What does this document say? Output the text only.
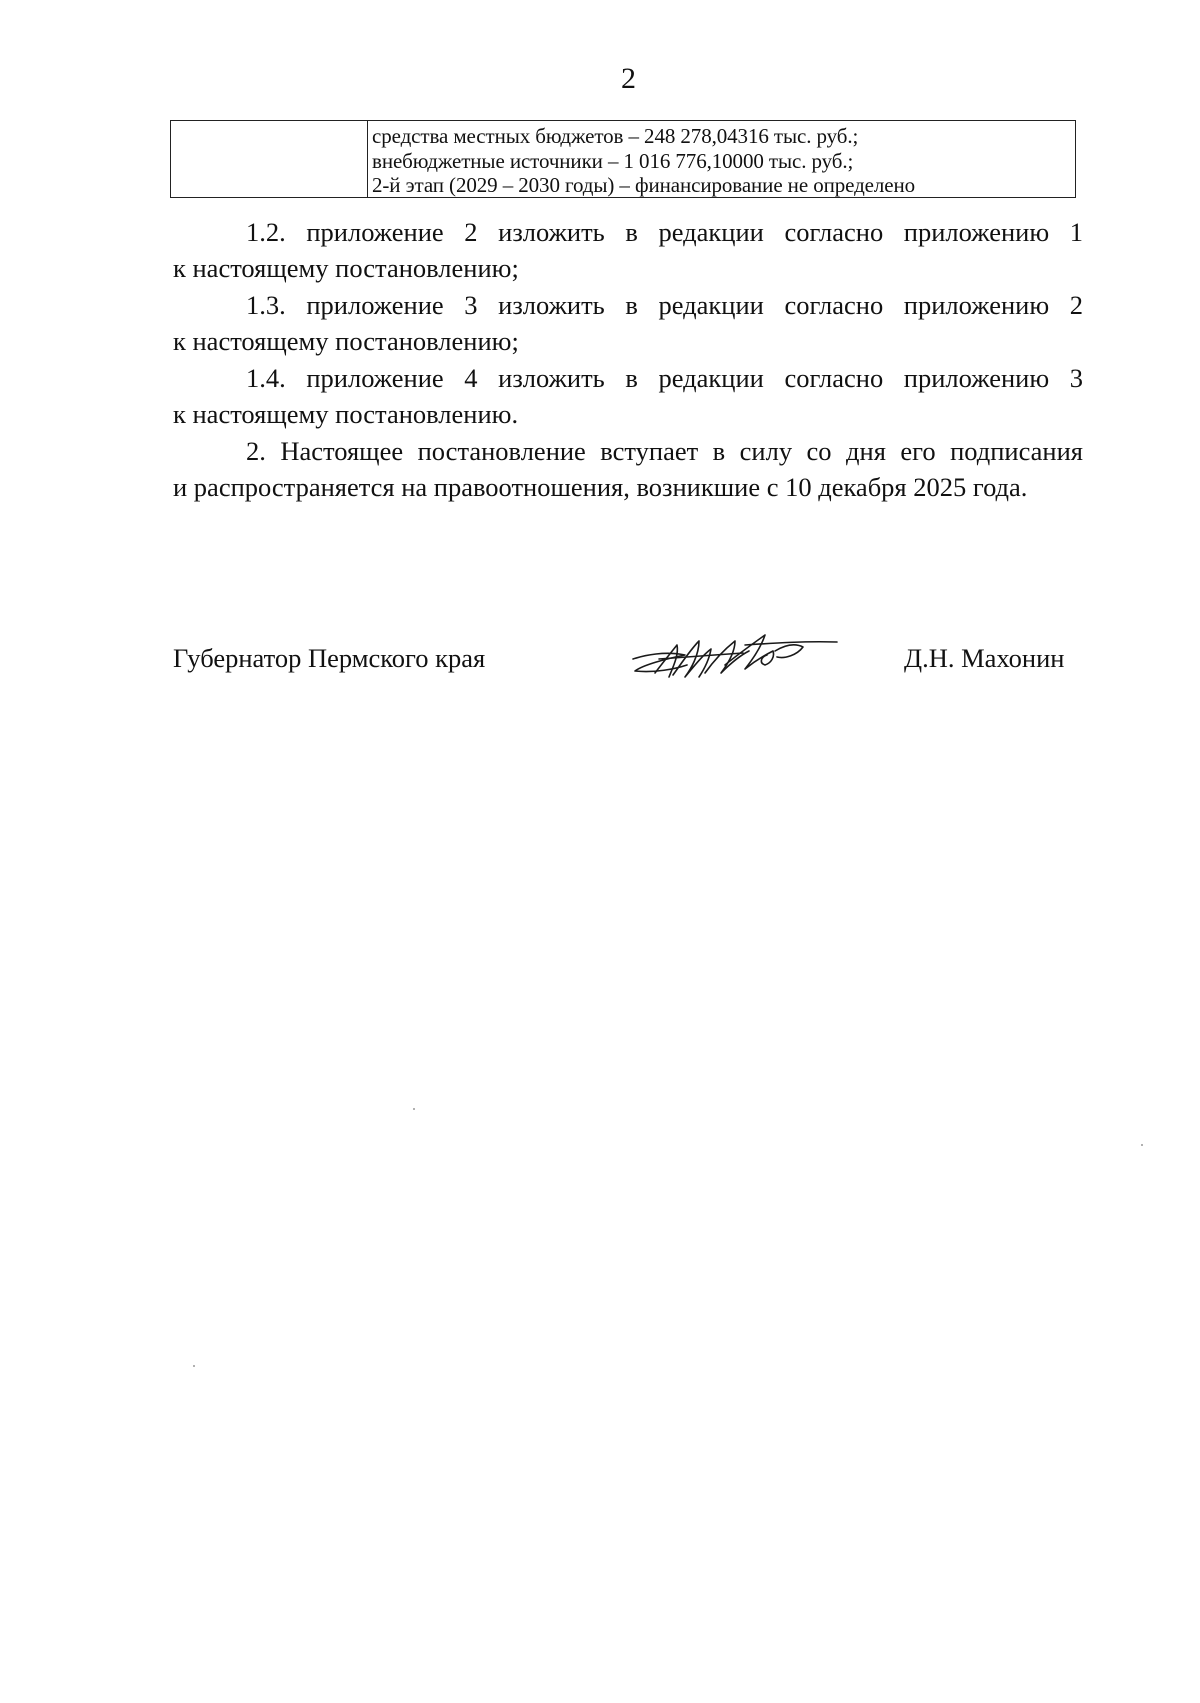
2
средства местных бюджетов – 248 278,04316 тыс. руб.;
внебюджетные источники – 1 016 776,10000 тыс. руб.;
2-й этап (2029 – 2030 годы) – финансирование не определено
1.2. приложение 2 изложить в редакции согласно приложению 1
к настоящему постановлению;
1.3. приложение 3 изложить в редакции согласно приложению 2
к настоящему постановлению;
1.4. приложение 4 изложить в редакции согласно приложению 3
к настоящему постановлению.
2. Настоящее постановление вступает в силу со дня его подписания
и распространяется на правоотношения, возникшие с 10 декабря 2025 года.
Губернатор Пермского края	Д.Н. Махонин
